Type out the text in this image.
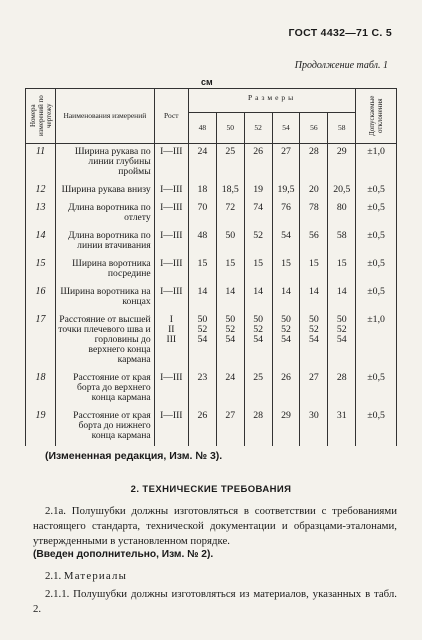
ГОСТ 4432—71 С. 5
Продолжение табл. 1
см
Номера измерений по чертежу	Наименования измерений	Рост	Размеры						Допускаемые отклонения

			48	50	52	54	56	58	
11	Ширина рукава по линии глубины проймы	I—III	24	25	26	27	28	29	±1,0
12	Ширина рукава внизу	I—III	18	18,5	19	19,5	20	20,5	±0,5
13	Длина воротника по отлету	I—III	70	72	74	76	78	80	±0,5
14	Длина воротника по линии втачивания	I—III	48	50	52	54	56	58	±0,5
15	Ширина воротника посредине	I—III	15	15	15	15	15	15	±0,5
16	Ширина воротника на концах	I—III	14	14	14	14	14	14	±0,5
17	Расстояние от высшей точки плечевого шва и горловины до верхнего конца кармана	I
II
III	50
52
54	50
52
54	50
52
54	50
52
54	50
52
54	50
52
54	±1,0
18	Расстояние от края борта до верхнего конца кармана	I—III	23	24	25	26	27	28	±0,5
19	Расстояние от края борта до нижнего конца кармана	I—III	26	27	28	29	30	31	±0,5
(Измененная редакция, Изм. № 3).
2. ТЕХНИЧЕСКИЕ ТРЕБОВАНИЯ
2.1а. Полушубки должны изготовляться в соответствии с требованиями настоящего стандарта, технической документации и образцами-эталонами, утвержденными в установленном порядке.
(Введен дополнительно, Изм. № 2).
2.1. Материалы
2.1.1. Полушубки должны изготовляться из материалов, указанных в табл. 2.
